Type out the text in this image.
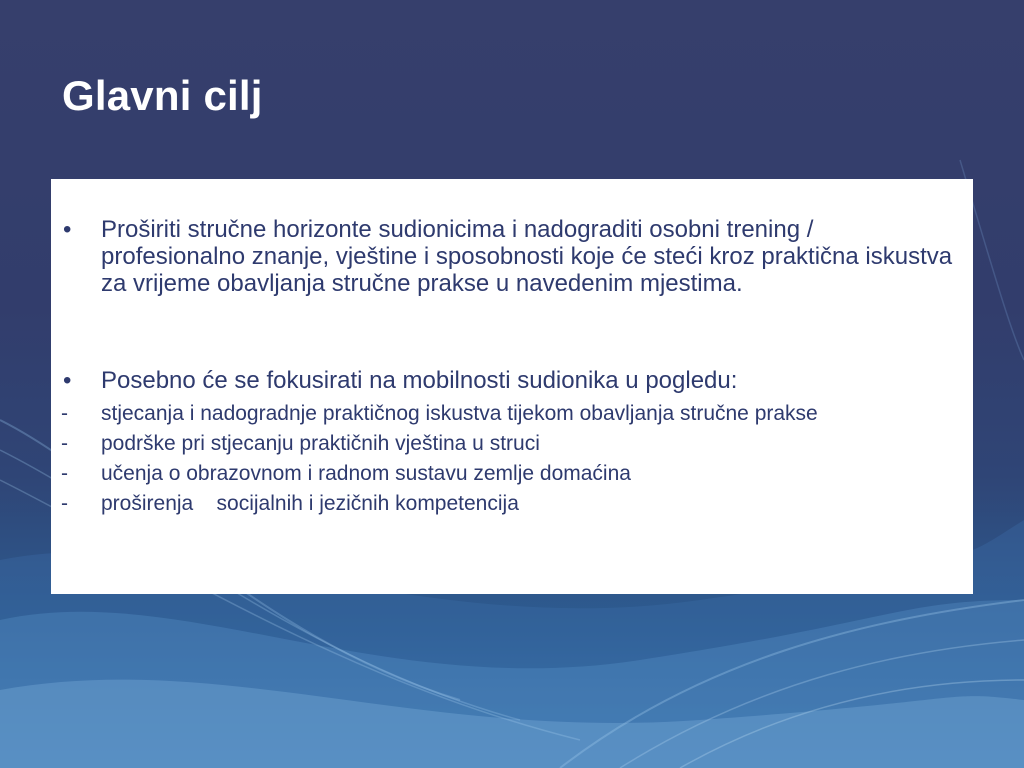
Glavni cilj
• Proširiti stručne horizonte sudionicima i nadograditi osobni trening / profesionalno znanje, vještine i sposobnosti koje će steći kroz praktična iskustva za vrijeme obavljanja stručne prakse u navedenim mjestima.
• Posebno će se fokusirati na mobilnosti sudionika u pogledu:
- stjecanja i nadogradnje praktičnog iskustva tijekom obavljanja stručne prakse
- podrške pri stjecanju praktičnih vještina u struci
- učenja o obrazovnom i radnom sustavu zemlje domaćina
- proširenja    socijalnih i jezičnih kompetencija
